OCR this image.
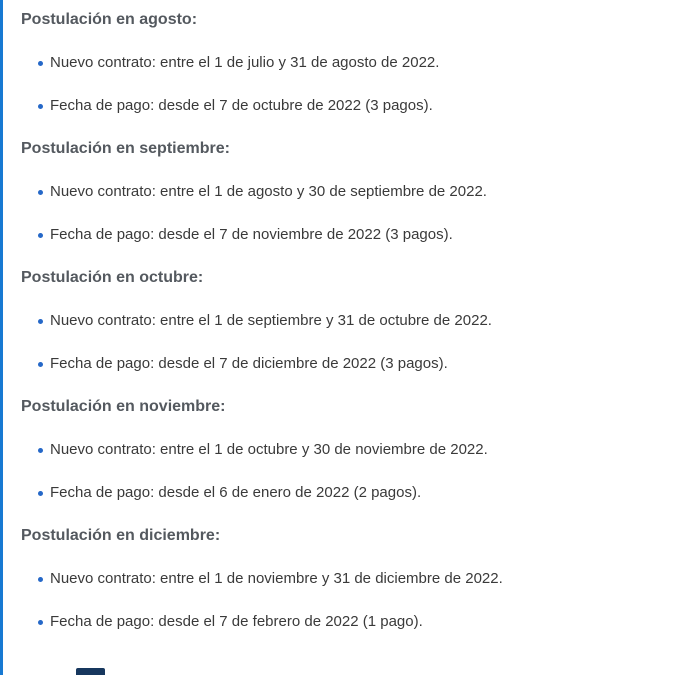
Postulación en agosto:
Nuevo contrato: entre el 1 de julio y 31 de agosto de 2022.
Fecha de pago: desde el 7 de octubre de 2022 (3 pagos).
Postulación en septiembre:
Nuevo contrato: entre el 1 de agosto y 30 de septiembre de 2022.
Fecha de pago: desde el 7 de noviembre de 2022 (3 pagos).
Postulación en octubre:
Nuevo contrato: entre el 1 de septiembre y 31 de octubre de 2022.
Fecha de pago: desde el 7 de diciembre de 2022 (3 pagos).
Postulación en noviembre:
Nuevo contrato: entre el 1 de octubre y 30 de noviembre de 2022.
Fecha de pago: desde el 6 de enero de 2022 (2 pagos).
Postulación en diciembre:
Nuevo contrato: entre el 1 de noviembre y 31 de diciembre de 2022.
Fecha de pago: desde el 7 de febrero de 2022 (1 pago).
